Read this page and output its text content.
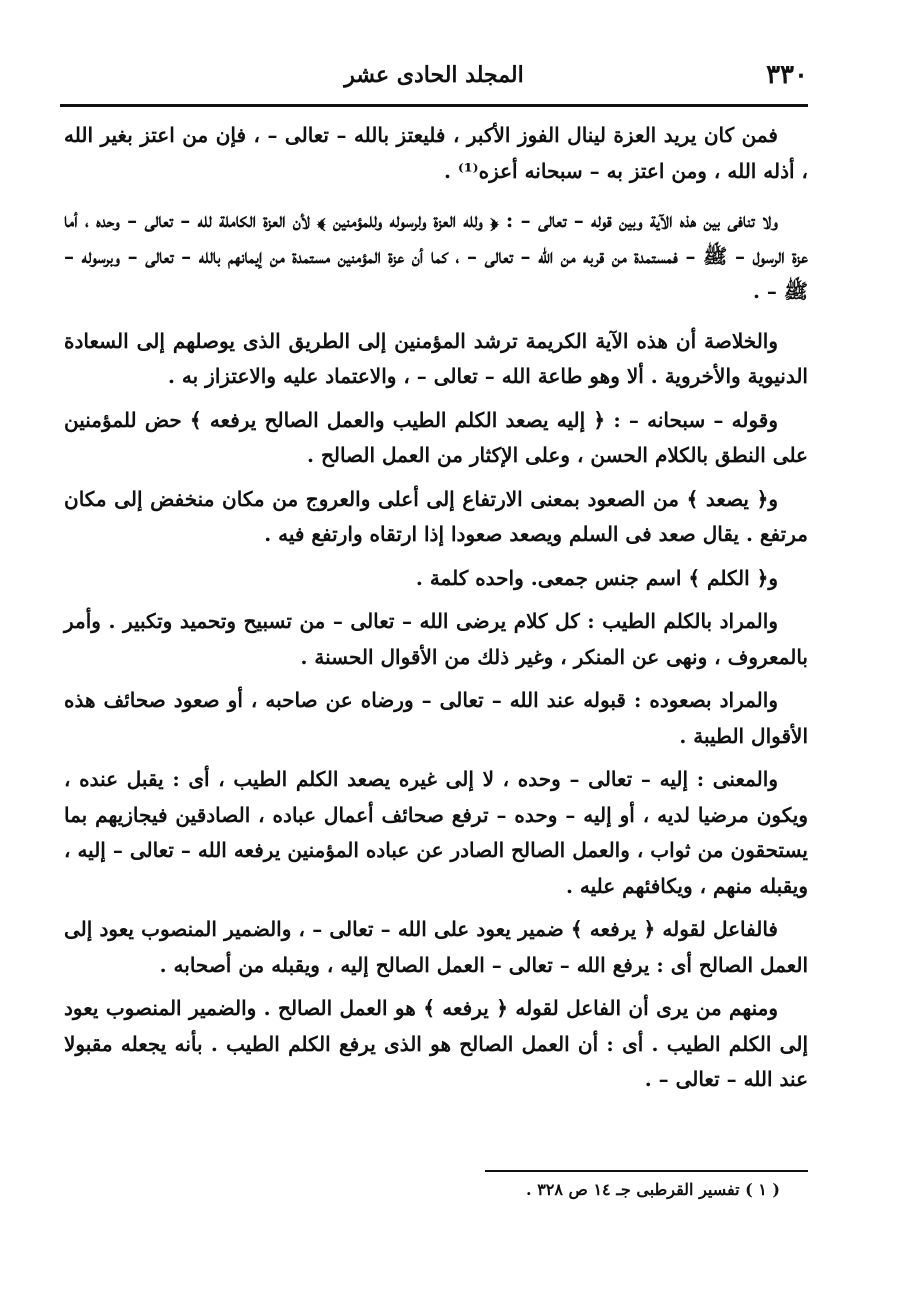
٣٣٠
المجلد الحادى عشر

فمن كان يريد العزة لينال الفوز الأكبر ، فليعتز بالله – تعالى – ، فإن من اعتز بغير الله ، أذله الله ، ومن اعتز به – سبحانه أعزه⁽¹⁾ .

ولا تنافى بين هذه الآية وبين قوله – تعالى – : ﴿ ولله العزة ولرسوله وللمؤمنين ﴾ لأن العزة الكاملة لله – تعالى – وحده ، أما عزة الرسول – ﷺ – فمستمدة من قربه من الله – تعالى – ، كما أن عزة المؤمنين مستمدة من إيمانهم بالله – تعالى – وبرسوله – ﷺ – .

والخلاصة أن هذه الآية الكريمة ترشد المؤمنين إلى الطريق الذى يوصلهم إلى السعادة الدنيوية والأخروية . ألا وهو طاعة الله – تعالى – ، والاعتماد عليه والاعتزاز به .

وقوله – سبحانه – : ﴿ إليه يصعد الكلم الطيب والعمل الصالح يرفعه ﴾ حض للمؤمنين على النطق بالكلام الحسن ، وعلى الإكثار من العمل الصالح .

و﴿ يصعد ﴾ من الصعود بمعنى الارتفاع إلى أعلى والعروج من مكان منخفض إلى مكان مرتفع . يقال صعد فى السلم ويصعد صعودا إذا ارتقاه وارتفع فيه .

و﴿ الكلم ﴾ اسم جنس جمعى. واحده كلمة .

والمراد بالكلم الطيب : كل كلام يرضى الله – تعالى – من تسبيح وتحميد وتكبير . وأمر بالمعروف ، ونهى عن المنكر ، وغير ذلك من الأقوال الحسنة .

والمراد بصعوده : قبوله عند الله – تعالى – ورضاه عن صاحبه ، أو صعود صحائف هذه الأقوال الطيبة .

والمعنى : إليه – تعالى – وحده ، لا إلى غيره يصعد الكلم الطيب ، أى : يقبل عنده ، ويكون مرضيا لديه ، أو إليه – وحده – ترفع صحائف أعمال عباده ، الصادقين فيجازيهم بما يستحقون من ثواب ، والعمل الصالح الصادر عن عباده المؤمنين يرفعه الله – تعالى – إليه ، ويقبله منهم ، ويكافئهم عليه .

فالفاعل لقوله ﴿ يرفعه ﴾ ضمير يعود على الله – تعالى – ، والضمير المنصوب يعود إلى العمل الصالح أى : يرفع الله – تعالى – العمل الصالح إليه ، ويقبله من أصحابه .

ومنهم من يرى أن الفاعل لقوله ﴿ يرفعه ﴾ هو العمل الصالح . والضمير المنصوب يعود إلى الكلم الطيب . أى : أن العمل الصالح هو الذى يرفع الكلم الطيب . بأنه يجعله مقبولا عند الله – تعالى – .

( ١ ) تفسير القرطبى جـ ١٤ ص ٣٢٨ .
